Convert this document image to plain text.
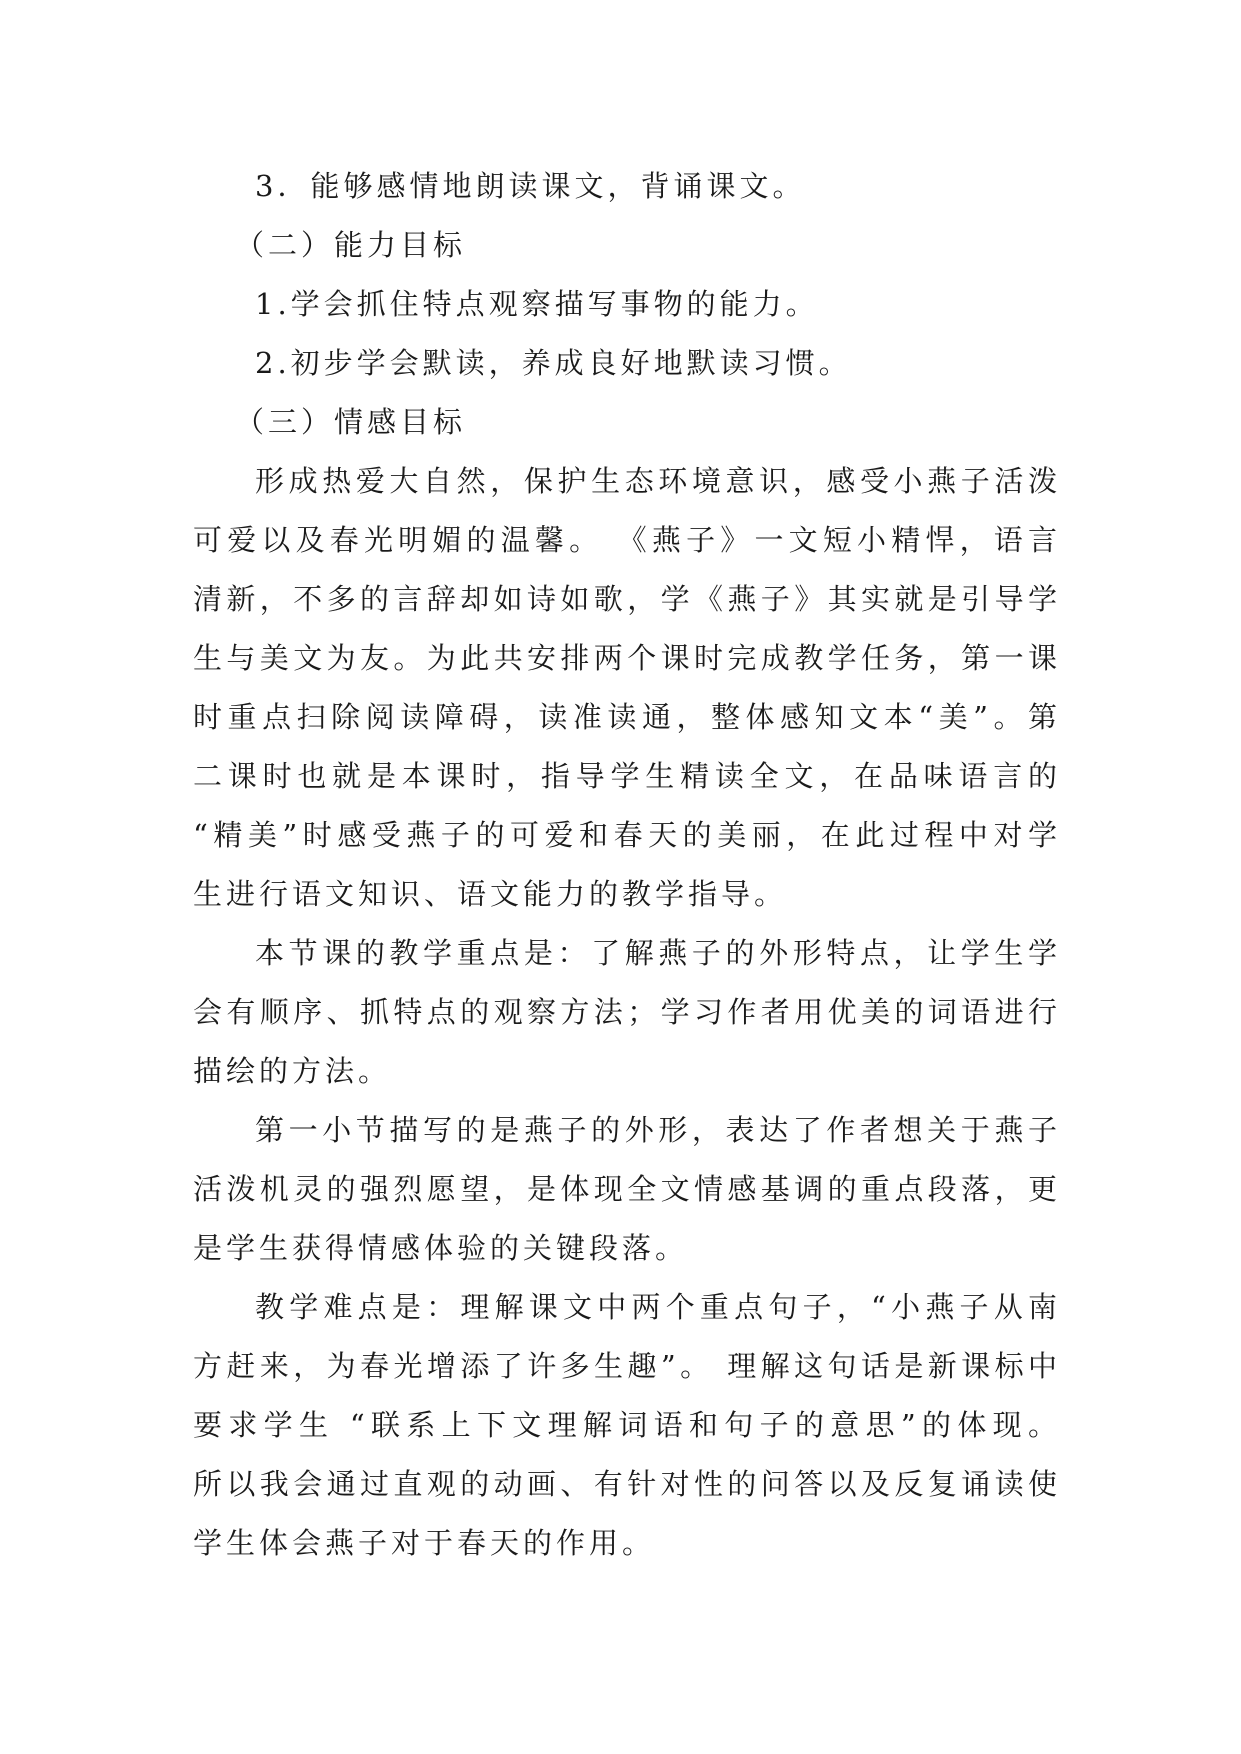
3．能够感情地朗读课文，背诵课文。
（二）能力目标
1.学会抓住特点观察描写事物的能力。
2.初步学会默读，养成良好地默读习惯。
（三）情感目标
形成热爱大自然，保护生态环境意识，感受小燕子活泼
可爱以及春光明媚的温馨。 《燕子》一文短小精悍，语言
清新，不多的言辞却如诗如歌，学《燕子》其实就是引导学
生与美文为友。为此共安排两个课时完成教学任务，第一课
时重点扫除阅读障碍，读准读通，整体感知文本“美”。第
二课时也就是本课时，指导学生精读全文，在品味语言的
“精美”时感受燕子的可爱和春天的美丽，在此过程中对学
生进行语文知识、语文能力的教学指导。
本节课的教学重点是：了解燕子的外形特点，让学生学
会有顺序、抓特点的观察方法；学习作者用优美的词语进行
描绘的方法。
第一小节描写的是燕子的外形，表达了作者想关于燕子
活泼机灵的强烈愿望，是体现全文情感基调的重点段落，更
是学生获得情感体验的关键段落。
教学难点是：理解课文中两个重点句子，“小燕子从南
方赶来，为春光增添了许多生趣”。 理解这句话是新课标中
要求学生 “联系上下文理解词语和句子的意思”的体现。
所以我会通过直观的动画、有针对性的问答以及反复诵读使
学生体会燕子对于春天的作用。
